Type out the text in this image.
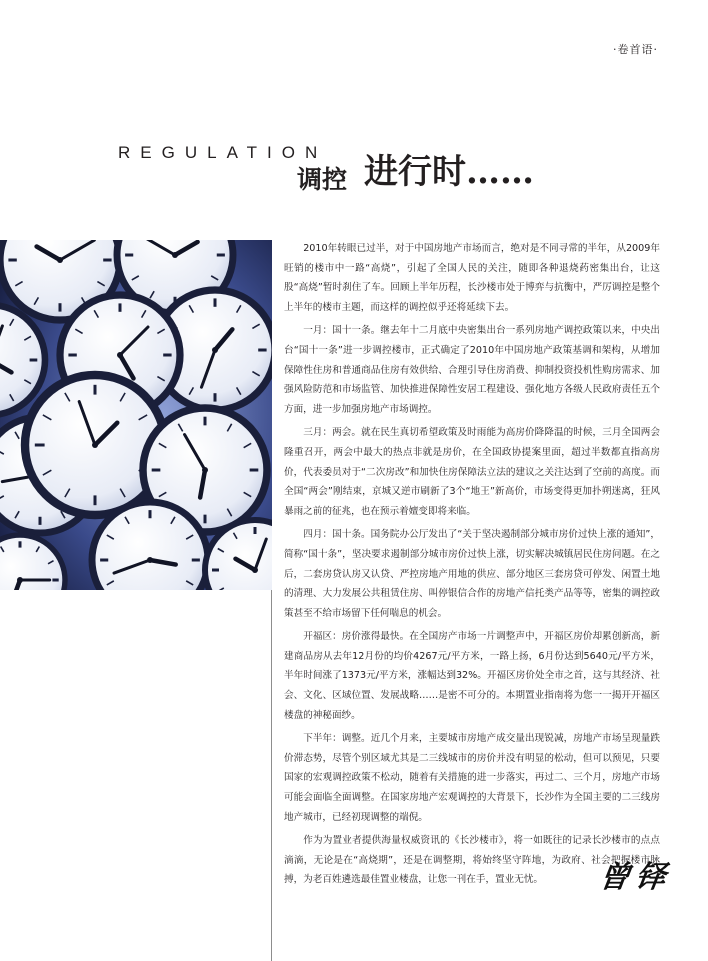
·卷首语·
REGULATION
调控 进行时……

2010年转眼已过半，对于中国房地产市场而言，绝对是不同寻常的半年，从2009年旺销的楼市中一路“高烧”，引起了全国人民的关注，随即各种退烧药密集出台，让这股“高烧”暂时刹住了车。回顾上半年历程，长沙楼市处于博弈与抗衡中，严厉调控是整个上半年的楼市主题，而这样的调控似乎还将延续下去。

一月：国十一条。继去年十二月底中央密集出台一系列房地产调控政策以来，中央出台“国十一条”进一步调控楼市，正式确定了2010年中国房地产政策基调和架构，从增加保障性住房和普通商品住房有效供给、合理引导住房消费、抑制投资投机性购房需求、加强风险防范和市场监管、加快推进保障性安居工程建设、强化地方各级人民政府责任五个方面，进一步加强房地产市场调控。

三月：两会。就在民生真切希望政策及时雨能为高房价降降温的时候，三月全国两会隆重召开，两会中最大的热点非就是房价，在全国政协提案里面，超过半数都直指高房价，代表委员对于“二次房改”和加快住房保障法立法的建议之关注达到了空前的高度。而全国“两会”刚结束，京城又逆市刷新了3个“地王”新高价，市场变得更加扑朔迷离，狂风暴雨之前的征兆，也在预示着嬗变即将来临。

四月：国十条。国务院办公厅发出了“关于坚决遏制部分城市房价过快上涨的通知”，简称“国十条”，坚决要求遏制部分城市房价过快上涨，切实解决城镇居民住房问题。在之后，二套房贷认房又认贷、严控房地产用地的供应、部分地区三套房贷可停发、闲置土地的清理、大力发展公共租赁住房、叫停银信合作的房地产信托类产品等等，密集的调控政策甚至不给市场留下任何喘息的机会。

开福区：房价涨得最快。在全国房产市场一片调整声中，开福区房价却累创新高，新建商品房从去年12月份的均价4267元/平方米，一路上扬，6月份达到5640元/平方米，半年时间涨了1373元/平方米，涨幅达到32%。开福区房价处全市之首，这与其经济、社会、文化、区域位置、发展战略……是密不可分的。本期置业指南将为您一一揭开开福区楼盘的神秘面纱。

下半年：调整。近几个月来，主要城市房地产成交量出现锐减，房地产市场呈现量跌价滞态势，尽管个别区域尤其是二三线城市的房价并没有明显的松动，但可以预见，只要国家的宏观调控政策不松动，随着有关措施的进一步落实，再过二、三个月，房地产市场可能会面临全面调整。在国家房地产宏观调控的大背景下，长沙作为全国主要的二三线房地产城市，已经初现调整的端倪。

作为为置业者提供海量权威资讯的《长沙楼市》，将一如既往的记录长沙楼市的点点滴滴，无论是在“高烧期”，还是在调整期，将始终坚守阵地，为政府、社会把握楼市脉搏，为老百姓遴选最佳置业楼盘，让您一刊在手，置业无忧。	曾铎
